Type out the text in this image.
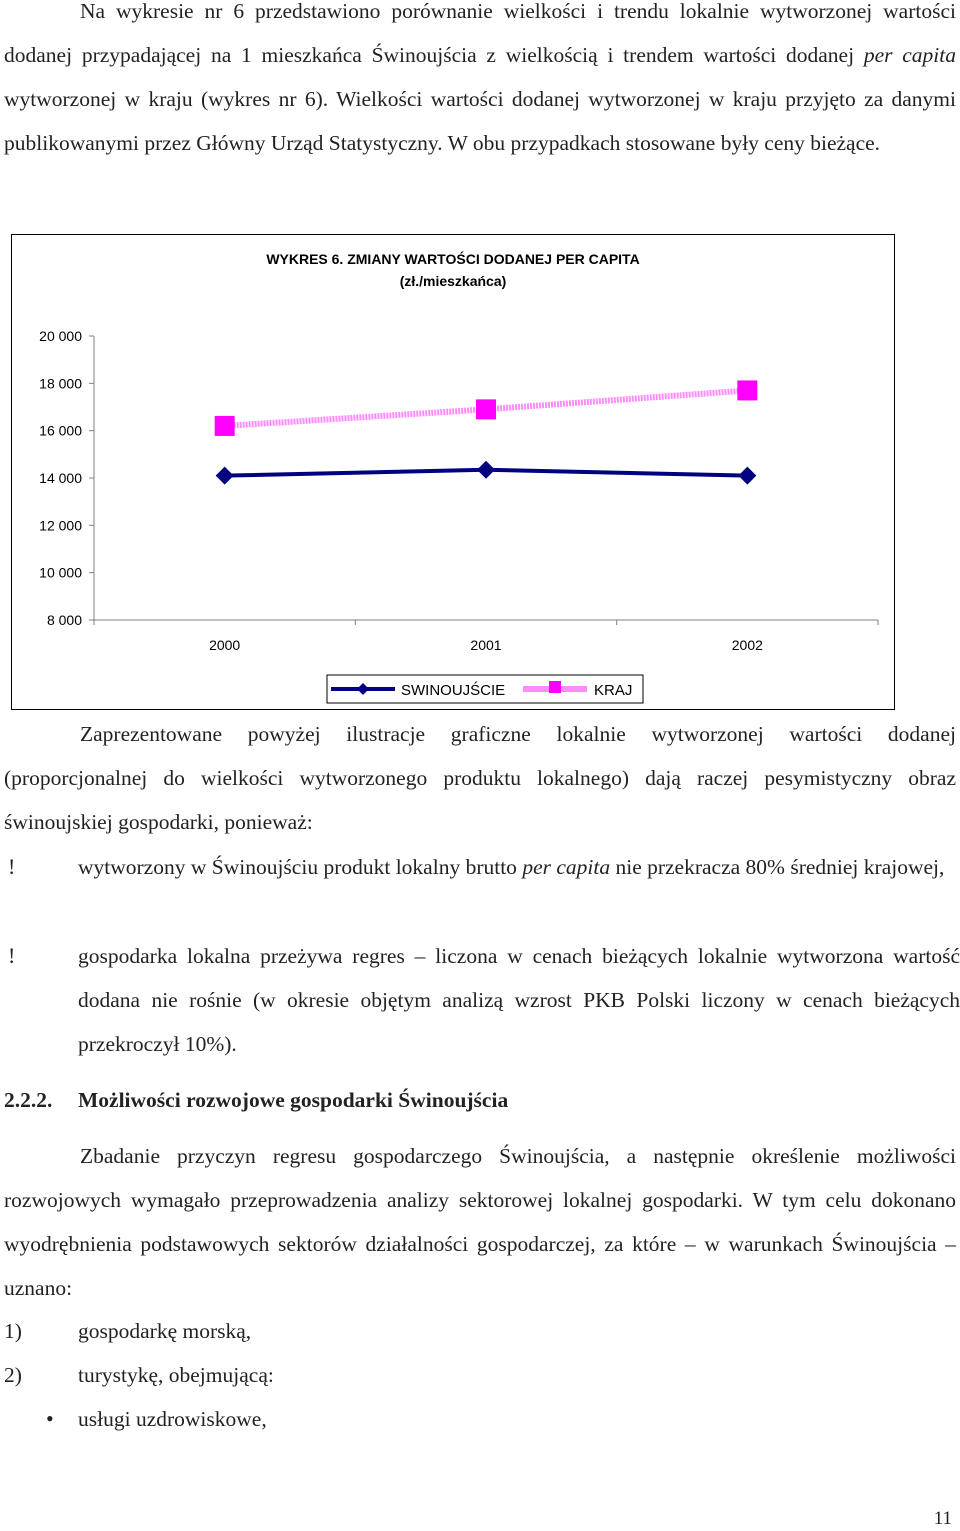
Na wykresie nr 6 przedstawiono porównanie wielkości i trendu lokalnie wytworzonej wartości dodanej przypadającej na 1 mieszkańca Świnoujścia z wielkością i trendem wartości dodanej per capita wytworzonej w kraju (wykres nr 6). Wielkości wartości dodanej wytworzonej w kraju przyjęto za danymi publikowanymi przez Główny Urząd Statystyczny. W obu przypadkach stosowane były ceny bieżące.

WYKRES 6. ZMIANY WARTOŚCI DODANEJ PER CAPITA
(zł./mieszkańca)
20 000
18 000
16 000
14 000
12 000
10 000
8 000
2000	2001	2002
SWINOUJŚCIE	KRAJ

Zaprezentowane powyżej ilustracje graficzne lokalnie wytworzonej wartości dodanej (proporcjonalnej do wielkości wytworzonego produktu lokalnego) dają raczej pesymistyczny obraz świnoujskiej gospodarki, ponieważ:

!	wytworzony w Świnoujściu produkt lokalny brutto per capita nie przekracza 80% średniej krajowej,

!	gospodarka lokalna przeżywa regres – liczona w cenach bieżących lokalnie wytworzona wartość dodana nie rośnie (w okresie objętym analizą wzrost PKB Polski liczony w cenach bieżących przekroczył 10%).

2.2.2. Możliwości rozwojowe gospodarki Świnoujścia

Zbadanie przyczyn regresu gospodarczego Świnoujścia, a następnie określenie możliwości rozwojowych wymagało przeprowadzenia analizy sektorowej lokalnej gospodarki. W tym celu dokonano wyodrębnienia podstawowych sektorów działalności gospodarczej, za które – w warunkach Świnoujścia – uznano:

1)	gospodarkę morską,
2)	turystykę, obejmującą:
• usługi uzdrowiskowe,
11
